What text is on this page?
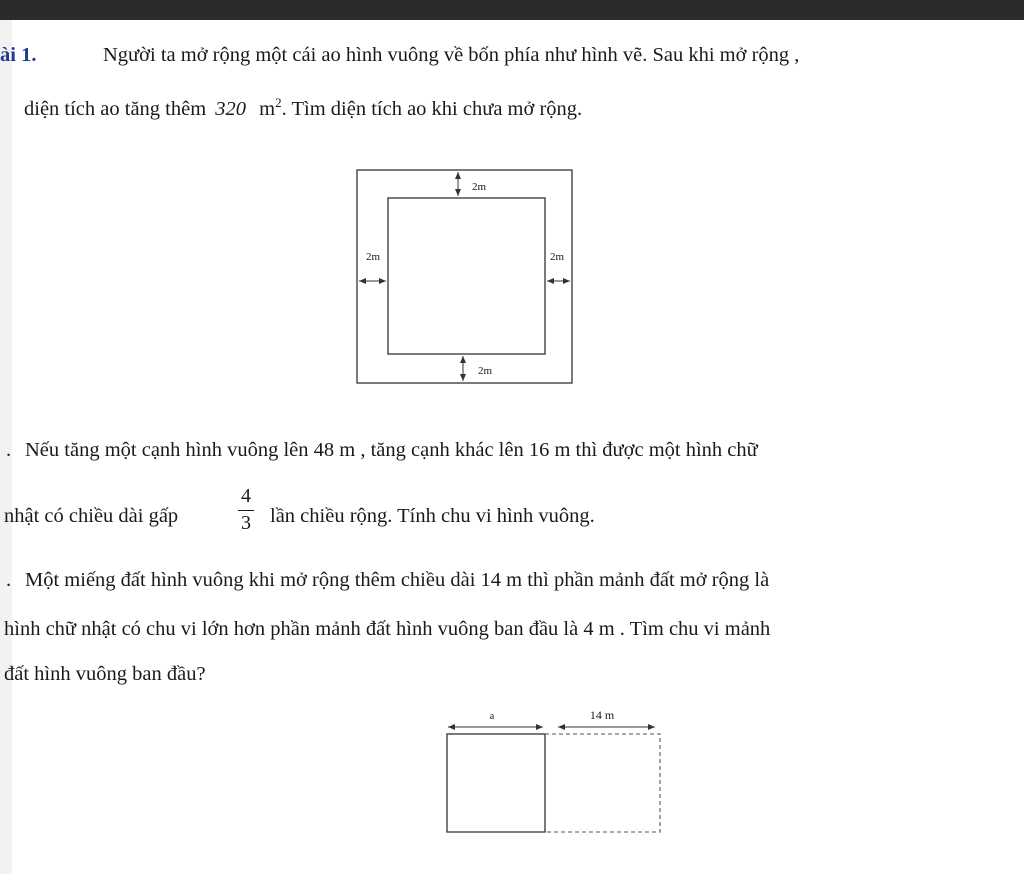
ài 1.	Người ta mở rộng một cái ao hình vuông về bốn phía như hình vẽ. Sau khi mở rộng ,
diện tích ao tăng thêm 320 $m^2$. Tìm diện tích ao khi chưa mở rộng.
2m
2m
2m	2m
. Nếu tăng một cạnh hình vuông lên 48 m , tăng cạnh khác lên 16 m thì được một hình chữ
nhật có chiều dài gấp
4
3 lần chiều rộng. Tính chu vi hình vuông.
. Một miếng đất hình vuông khi mở rộng thêm chiều dài 14 m thì phần mảnh đất mở rộng là
hình chữ nhật có chu vi lớn hơn phần mảnh đất hình vuông ban đầu là 4 m . Tìm chu vi mảnh
đất hình vuông ban đầu?
a	14 m
